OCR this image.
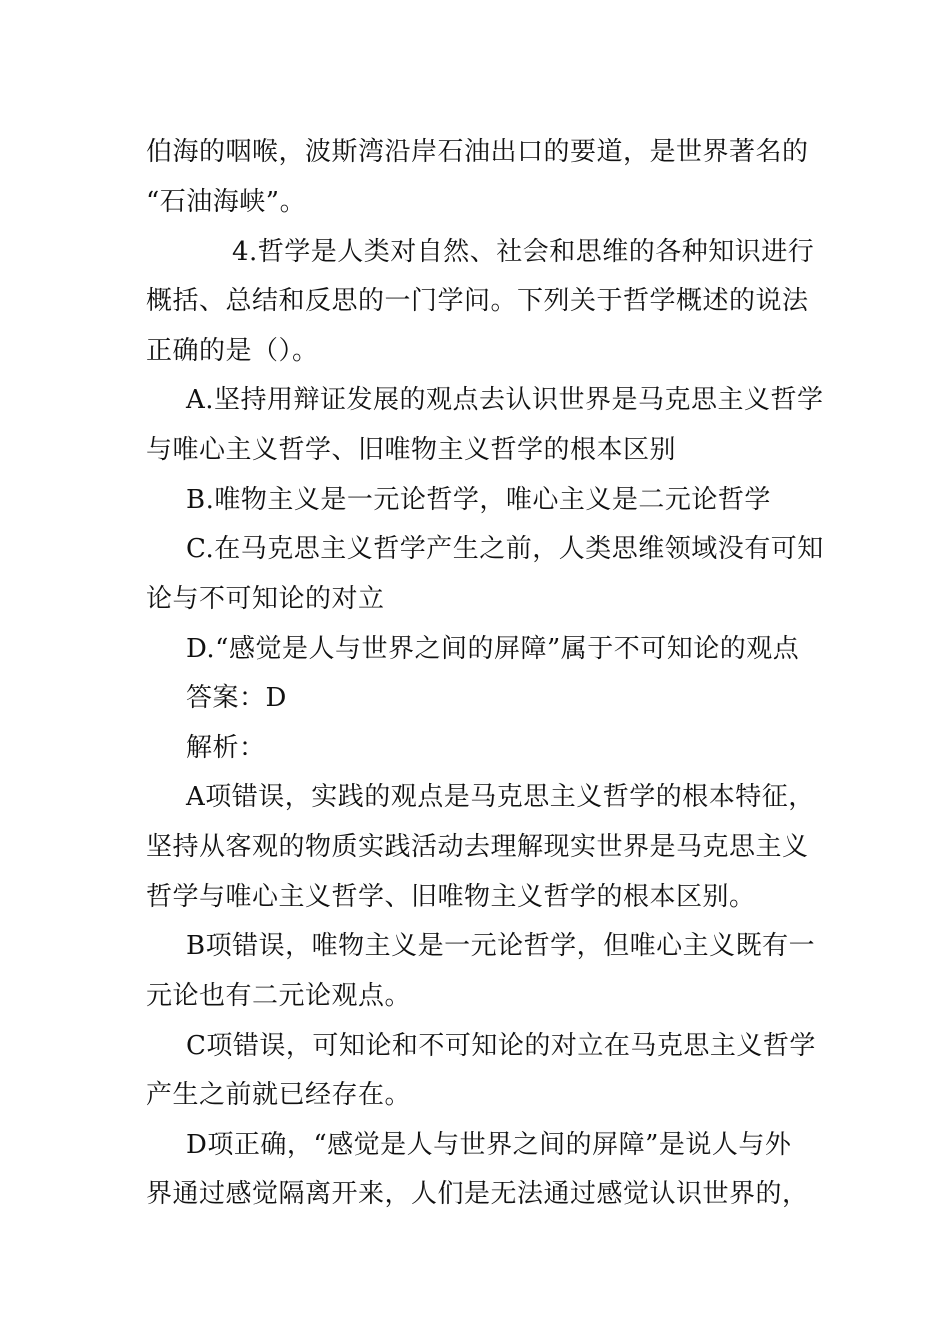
伯海的咽喉，波斯湾沿岸石油出口的要道，是世界著名的
“石油海峡”。
4.哲学是人类对自然、社会和思维的各种知识进行
概括、总结和反思的一门学问。下列关于哲学概述的说法
正确的是（）。
A.坚持用辩证发展的观点去认识世界是马克思主义哲学
与唯心主义哲学、旧唯物主义哲学的根本区别
B.唯物主义是一元论哲学，唯心主义是二元论哲学
C.在马克思主义哲学产生之前，人类思维领域没有可知
论与不可知论的对立
D.“感觉是人与世界之间的屏障”属于不可知论的观点
答案：D
解析：
A项错误，实践的观点是马克思主义哲学的根本特征，
坚持从客观的物质实践活动去理解现实世界是马克思主义
哲学与唯心主义哲学、旧唯物主义哲学的根本区别。
B项错误，唯物主义是一元论哲学，但唯心主义既有一
元论也有二元论观点。
C项错误，可知论和不可知论的对立在马克思主义哲学
产生之前就已经存在。
D项正确，“感觉是人与世界之间的屏障”是说人与外
界通过感觉隔离开来，人们是无法通过感觉认识世界的，
